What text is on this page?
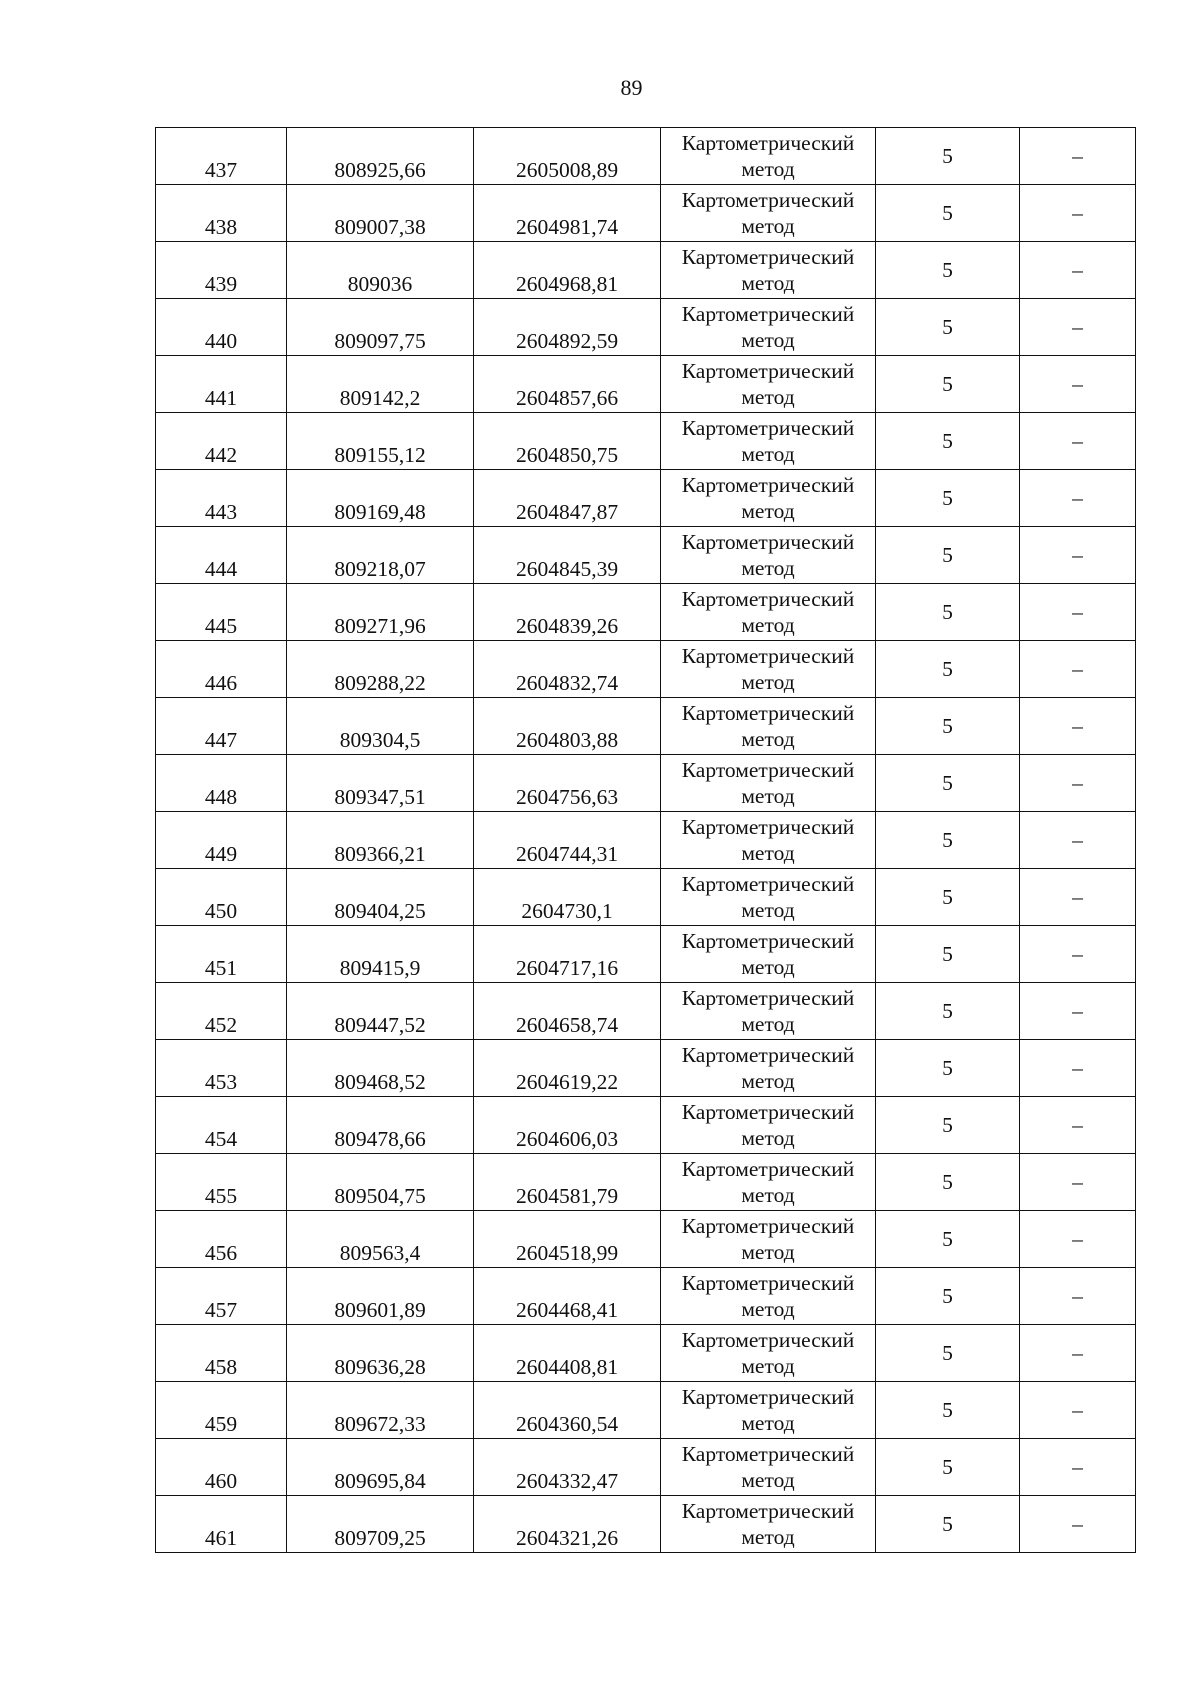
89
437	808925,66	2605008,89	Картометрический
метод	5	–

438	809007,38	2604981,74	Картометрический
метод	5	–

439	809036	2604968,81	Картометрический
метод	5	–

440	809097,75	2604892,59	Картометрический
метод	5	–

441	809142,2	2604857,66	Картометрический
метод	5	–

442	809155,12	2604850,75	Картометрический
метод	5	–

443	809169,48	2604847,87	Картометрический
метод	5	–

444	809218,07	2604845,39	Картометрический
метод	5	–

445	809271,96	2604839,26	Картометрический
метод	5	–

446	809288,22	2604832,74	Картометрический
метод	5	–

447	809304,5	2604803,88	Картометрический
метод	5	–

448	809347,51	2604756,63	Картометрический
метод	5	–

449	809366,21	2604744,31	Картометрический
метод	5	–

450	809404,25	2604730,1	Картометрический
метод	5	–

451	809415,9	2604717,16	Картометрический
метод	5	–

452	809447,52	2604658,74	Картометрический
метод	5	–

453	809468,52	2604619,22	Картометрический
метод	5	–

454	809478,66	2604606,03	Картометрический
метод	5	–

455	809504,75	2604581,79	Картометрический
метод	5	–

456	809563,4	2604518,99	Картометрический
метод	5	–

457	809601,89	2604468,41	Картометрический
метод	5	–

458	809636,28	2604408,81	Картометрический
метод	5	–

459	809672,33	2604360,54	Картометрический
метод	5	–

460	809695,84	2604332,47	Картометрический
метод	5	–

461	809709,25	2604321,26	Картометрический
метод	5	–
